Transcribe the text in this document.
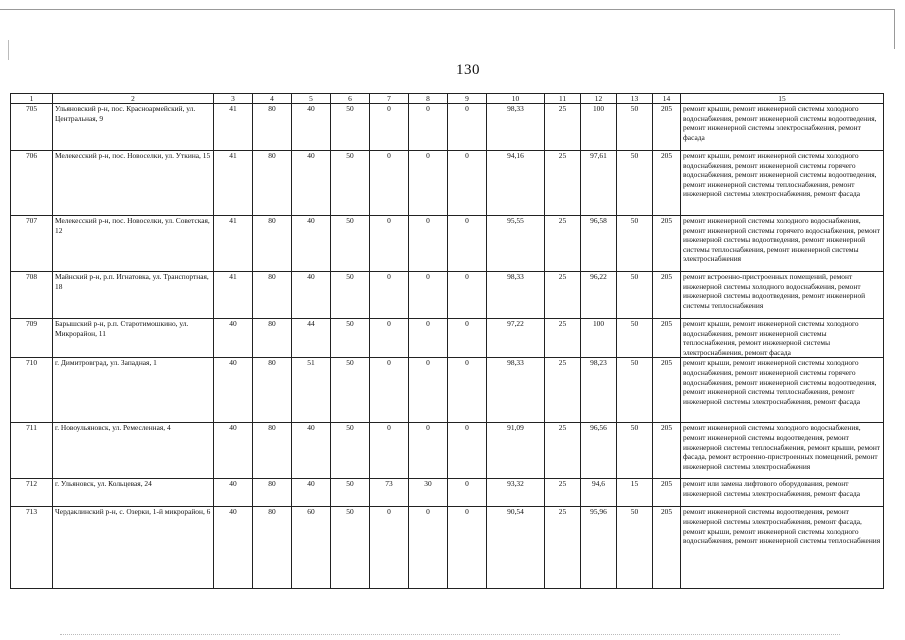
130
1	2	3	4	5	6	7	8	9	10	11	12	13	14	15
705	Ульяновский р-н, пос. Красноармейский, ул. Центральная, 9	41	80	40	50	0	0	0	98,33	25	100	50	205	ремонт крыши, ремонт инженерной системы холодного водоснабжения, ремонт инженерной системы водоотведения, ремонт инженерной системы электроснабжения, ремонт фасада
706	Мелекесский р-н, пос. Новоселки, ул. Уткина, 15	41	80	40	50	0	0	0	94,16	25	97,61	50	205	ремонт крыши, ремонт инженерной системы холодного водоснабжения, ремонт инженерной системы горячего водоснабжения, ремонт инженерной системы водоотведения, ремонт инженерной системы теплоснабжения, ремонт инженерной системы электроснабжения, ремонт фасада
707	Мелекесский р-н, пос. Новоселки, ул. Советская, 12	41	80	40	50	0	0	0	95,55	25	96,58	50	205	ремонт инженерной системы холодного водоснабжения, ремонт инженерной системы горячего водоснабжения, ремонт инженерной системы водоотведения, ремонт инженерной системы теплоснабжения, ремонт инженерной системы электроснабжения
708	Майнский р-н, р.п. Игнатовка, ул. Транспортная, 18	41	80	40	50	0	0	0	98,33	25	96,22	50	205	ремонт встроенно-пристроенных помещений, ремонт инженерной системы холодного водоснабжения, ремонт инженерной системы водоотведения, ремонт инженерной системы теплоснабжения
709	Барышский р-н, р.п. Старотимошкино, ул. Микрорайон, 11	40	80	44	50	0	0	0	97,22	25	100	50	205	ремонт крыши, ремонт инженерной системы холодного водоснабжения, ремонт инженерной системы теплоснабжения, ремонт инженерной системы электроснабжения, ремонт фасада
710	г. Димитровград, ул. Западная, 1	40	80	51	50	0	0	0	98,33	25	98,23	50	205	ремонт крыши, ремонт инженерной системы холодного водоснабжения, ремонт инженерной системы горячего водоснабжения, ремонт инженерной системы водоотведения, ремонт инженерной системы теплоснабжения, ремонт инженерной системы электроснабжения, ремонт фасада
711	г. Новоульяновск, ул. Ремесленная, 4	40	80	40	50	0	0	0	91,09	25	96,56	50	205	ремонт инженерной системы холодного водоснабжения, ремонт инженерной системы водоотведения, ремонт инженерной системы теплоснабжения, ремонт крыши, ремонт фасада, ремонт встроенно-пристроенных помещений, ремонт инженерной системы электроснабжения
712	г. Ульяновск, ул. Кольцевая, 24	40	80	40	50	73	30	0	93,32	25	94,6	15	205	ремонт или замена лифтового оборудования, ремонт инженерной системы электроснабжения, ремонт фасада
713	Чердаклинский р-н, с. Озерки, 1-й микрорайон, 6	40	80	60	50	0	0	0	90,54	25	95,96	50	205	ремонт инженерной системы водоотведения, ремонт инженерной системы электроснабжения, ремонт фасада, ремонт крыши, ремонт инженерной системы холодного водоснабжения, ремонт инженерной системы теплоснабжения
